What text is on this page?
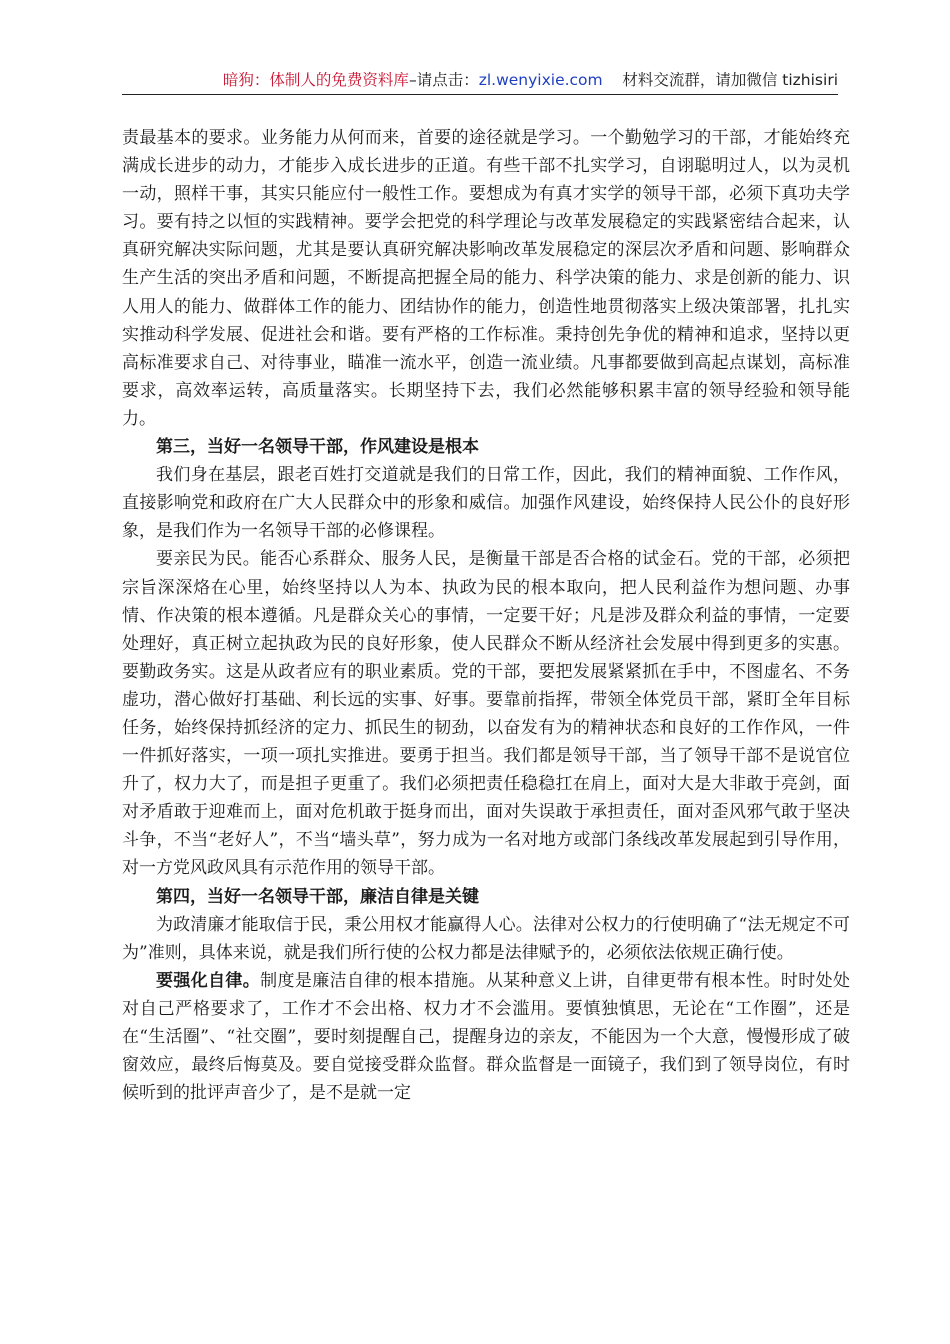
暗狗：体制人的免费资料库–请点击：zl.wenyixie.com 材料交流群，请加微信 tizhisiri

责最基本的要求。业务能力从何而来，首要的途径就是学习。一个勤勉学习的干部，才能始终充满成长进步的动力，才能步入成长进步的正道。有些干部不扎实学习，自诩聪明过人，以为灵机一动，照样干事，其实只能应付一般性工作。要想成为有真才实学的领导干部，必须下真功夫学习。要有持之以恒的实践精神。要学会把党的科学理论与改革发展稳定的实践紧密结合起来，认真研究解决实际问题，尤其是要认真研究解决影响改革发展稳定的深层次矛盾和问题、影响群众生产生活的突出矛盾和问题，不断提高把握全局的能力、科学决策的能力、求是创新的能力、识人用人的能力、做群体工作的能力、团结协作的能力，创造性地贯彻落实上级决策部署，扎扎实实推动科学发展、促进社会和谐。要有严格的工作标准。秉持创先争优的精神和追求，坚持以更高标准要求自己、对待事业，瞄准一流水平，创造一流业绩。凡事都要做到高起点谋划，高标准要求，高效率运转，高质量落实。长期坚持下去，我们必然能够积累丰富的领导经验和领导能力。

第三，当好一名领导干部，作风建设是根本

我们身在基层，跟老百姓打交道就是我们的日常工作，因此，我们的精神面貌、工作作风，直接影响党和政府在广大人民群众中的形象和威信。加强作风建设，始终保持人民公仆的良好形象，是我们作为一名领导干部的必修课程。

要亲民为民。能否心系群众、服务人民，是衡量干部是否合格的试金石。党的干部，必须把宗旨深深烙在心里，始终坚持以人为本、执政为民的根本取向，把人民利益作为想问题、办事情、作决策的根本遵循。凡是群众关心的事情，一定要干好；凡是涉及群众利益的事情，一定要处理好，真正树立起执政为民的良好形象，使人民群众不断从经济社会发展中得到更多的实惠。要勤政务实。这是从政者应有的职业素质。党的干部，要把发展紧紧抓在手中，不图虚名、不务虚功，潜心做好打基础、利长远的实事、好事。要靠前指挥，带领全体党员干部，紧盯全年目标任务，始终保持抓经济的定力、抓民生的韧劲，以奋发有为的精神状态和良好的工作作风，一件一件抓好落实，一项一项扎实推进。要勇于担当。我们都是领导干部，当了领导干部不是说官位升了，权力大了，而是担子更重了。我们必须把责任稳稳扛在肩上，面对大是大非敢于亮剑，面对矛盾敢于迎难而上，面对危机敢于挺身而出，面对失误敢于承担责任，面对歪风邪气敢于坚决斗争，不当“老好人”，不当“墙头草”，努力成为一名对地方或部门条线改革发展起到引导作用，对一方党风政风具有示范作用的领导干部。

第四，当好一名领导干部，廉洁自律是关键

为政清廉才能取信于民，秉公用权才能赢得人心。法律对公权力的行使明确了“法无规定不可为”准则，具体来说，就是我们所行使的公权力都是法律赋予的，必须依法依规正确行使。

要强化自律。制度是廉洁自律的根本措施。从某种意义上讲，自律更带有根本性。时时处处对自己严格要求了，工作才不会出格、权力才不会滥用。要慎独慎思，无论在“工作圈”，还是在“生活圈”、“社交圈”，要时刻提醒自己，提醒身边的亲友，不能因为一个大意，慢慢形成了破窗效应，最终后悔莫及。要自觉接受群众监督。群众监督是一面镜子，我们到了领导岗位，有时候听到的批评声音少了，是不是就一定
